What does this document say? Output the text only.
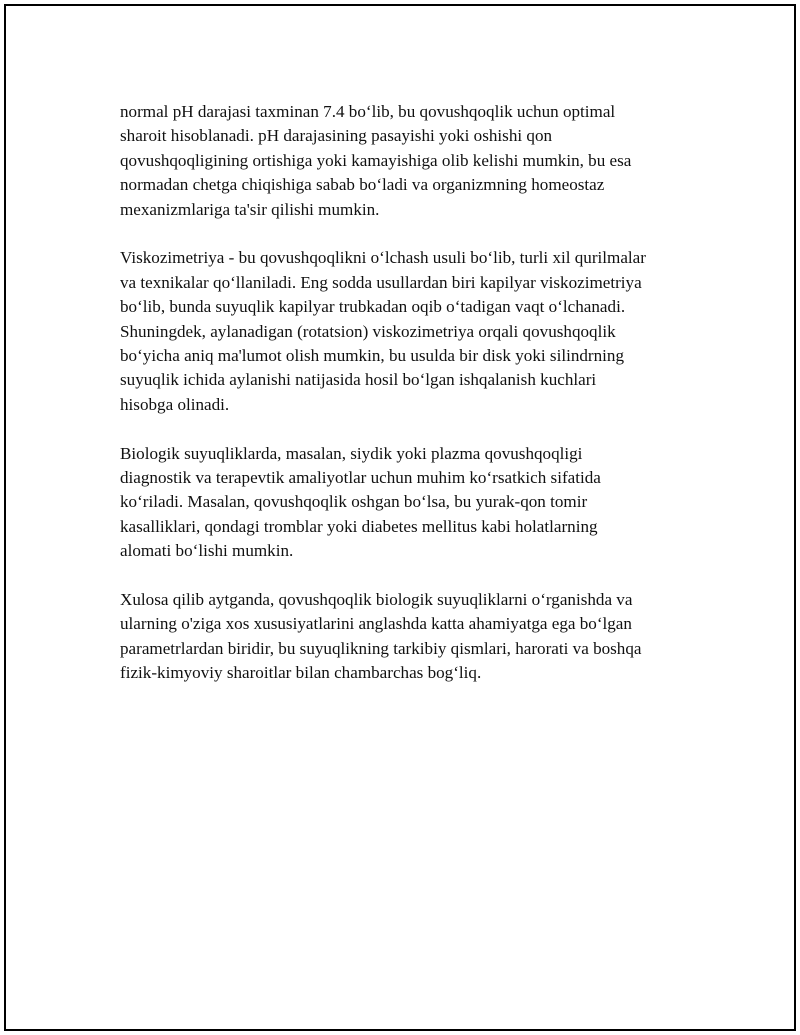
normal pH darajasi taxminan 7.4 bo‘lib, bu qovushqoqlik uchun optimal
sharoit hisoblanadi. pH darajasining pasayishi yoki oshishi qon
qovushqoqligining ortishiga yoki kamayishiga olib kelishi mumkin, bu esa
normadan chetga chiqishiga sabab bo‘ladi va organizmning homeostaz
mexanizmlariga ta'sir qilishi mumkin.

Viskozimetriya - bu qovushqoqlikni o‘lchash usuli bo‘lib, turli xil qurilmalar
va texnikalar qo‘llaniladi. Eng sodda usullardan biri kapilyar viskozimetriya
bo‘lib, bunda suyuqlik kapilyar trubkadan oqib o‘tadigan vaqt o‘lchanadi.
Shuningdek, aylanadigan (rotatsion) viskozimetriya orqali qovushqoqlik
bo‘yicha aniq ma'lumot olish mumkin, bu usulda bir disk yoki silindrning
suyuqlik ichida aylanishi natijasida hosil bo‘lgan ishqalanish kuchlari
hisobga olinadi.

Biologik suyuqliklarda, masalan, siydik yoki plazma qovushqoqligi
diagnostik va terapevtik amaliyotlar uchun muhim ko‘rsatkich sifatida
ko‘riladi. Masalan, qovushqoqlik oshgan bo‘lsa, bu yurak-qon tomir
kasalliklari, qondagi tromblar yoki diabetes mellitus kabi holatlarning
alomati bo‘lishi mumkin.

Xulosa qilib aytganda, qovushqoqlik biologik suyuqliklarni o‘rganishda va
ularning o'ziga xos xususiyatlarini anglashda katta ahamiyatga ega bo‘lgan
parametrlardan biridir, bu suyuqlikning tarkibiy qismlari, harorati va boshqa
fizik-kimyoviy sharoitlar bilan chambarchas bog‘liq.
